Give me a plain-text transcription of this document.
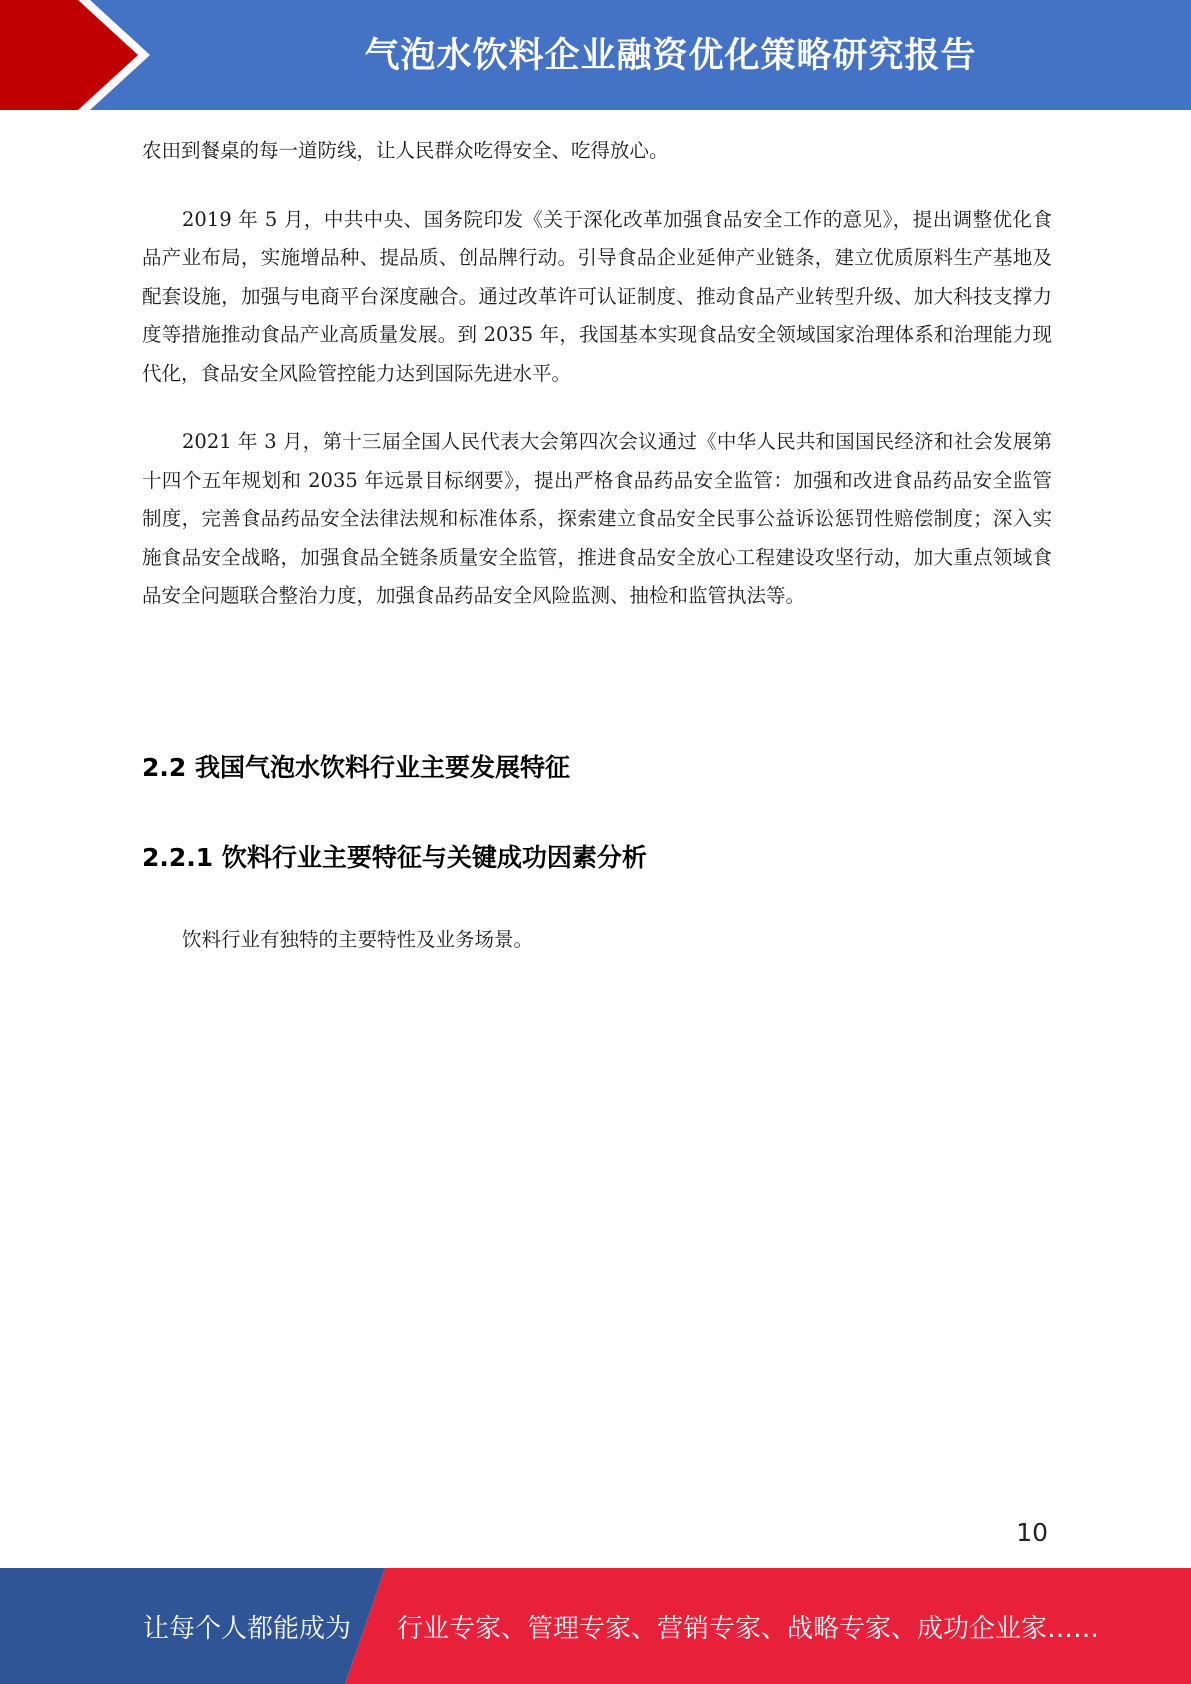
气泡水饮料企业融资优化策略研究报告

农田到餐桌的每一道防线，让人民群众吃得安全、吃得放心。

2019 年 5 月，中共中央、国务院印发《关于深化改革加强食品安全工作的意见》，提出调整优化食品产业布局，实施增品种、提品质、创品牌行动。引导食品企业延伸产业链条，建立优质原料生产基地及配套设施，加强与电商平台深度融合。通过改革许可认证制度、推动食品产业转型升级、加大科技支撑力度等措施推动食品产业高质量发展。到 2035 年，我国基本实现食品安全领域国家治理体系和治理能力现代化，食品安全风险管控能力达到国际先进水平。

2021 年 3 月，第十三届全国人民代表大会第四次会议通过《中华人民共和国国民经济和社会发展第十四个五年规划和 2035 年远景目标纲要》，提出严格食品药品安全监管：加强和改进食品药品安全监管制度，完善食品药品安全法律法规和标准体系，探索建立食品安全民事公益诉讼惩罚性赔偿制度；深入实施食品安全战略，加强食品全链条质量安全监管，推进食品安全放心工程建设攻坚行动，加大重点领域食品安全问题联合整治力度，加强食品药品安全风险监测、抽检和监管执法等。

2.2 我国气泡水饮料行业主要发展特征
2.2.1 饮料行业主要特征与关键成功因素分析

饮料行业有独特的主要特性及业务场景。

10
让每个人都能成为 行业专家、管理专家、营销专家、战略专家、成功企业家……
